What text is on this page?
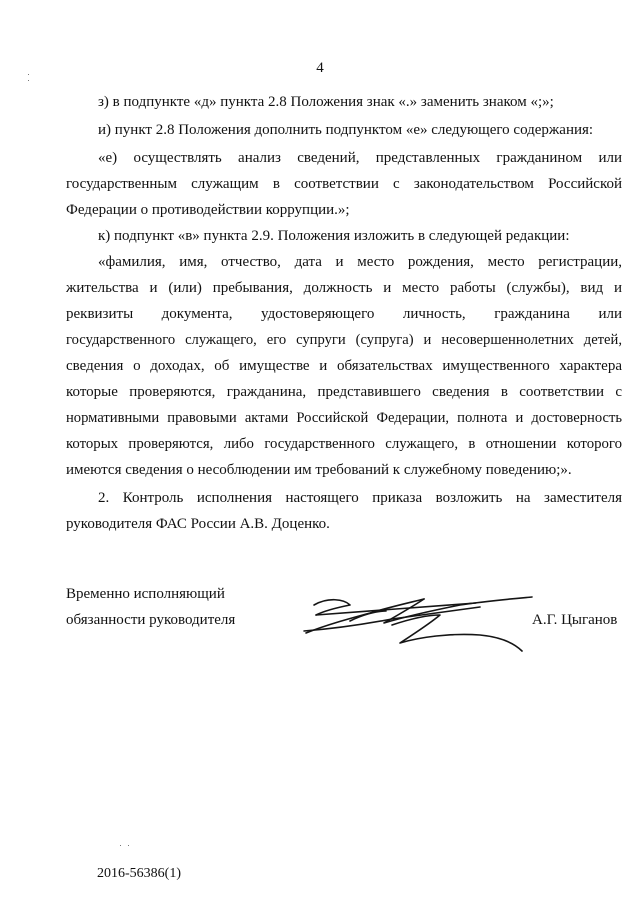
4
з) в подпункте «д» пункта 2.8 Положения знак «.» заменить знаком «;»;
и) пункт 2.8 Положения дополнить подпунктом «е» следующего содержания:
«е) осуществлять анализ сведений, представленных гражданином или
государственным служащим в соответствии с законодательством Российской
Федерации о противодействии коррупции.»;
к) подпункт «в» пункта 2.9. Положения изложить в следующей редакции:
«фамилия, имя, отчество, дата и место рождения, место регистрации,
жительства и (или) пребывания, должность и место работы (службы), вид и
реквизиты документа, удостоверяющего личность, гражданина или
государственного служащего, его супруги (супруга) и несовершеннолетних детей,
сведения о доходах, об имуществе и обязательствах имущественного характера
которые проверяются, гражданина, представившего сведения в соответствии с
нормативными правовыми актами Российской Федерации, полнота и достоверность
которых проверяются, либо государственного служащего, в отношении которого
имеются сведения о несоблюдении им требований к служебному поведению;».
2. Контроль исполнения настоящего приказа возложить на заместителя
руководителя ФАС России А.В. Доценко.
Временно исполняющий
обязанности руководителя	А.Г. Цыганов
2016-56386(1)
